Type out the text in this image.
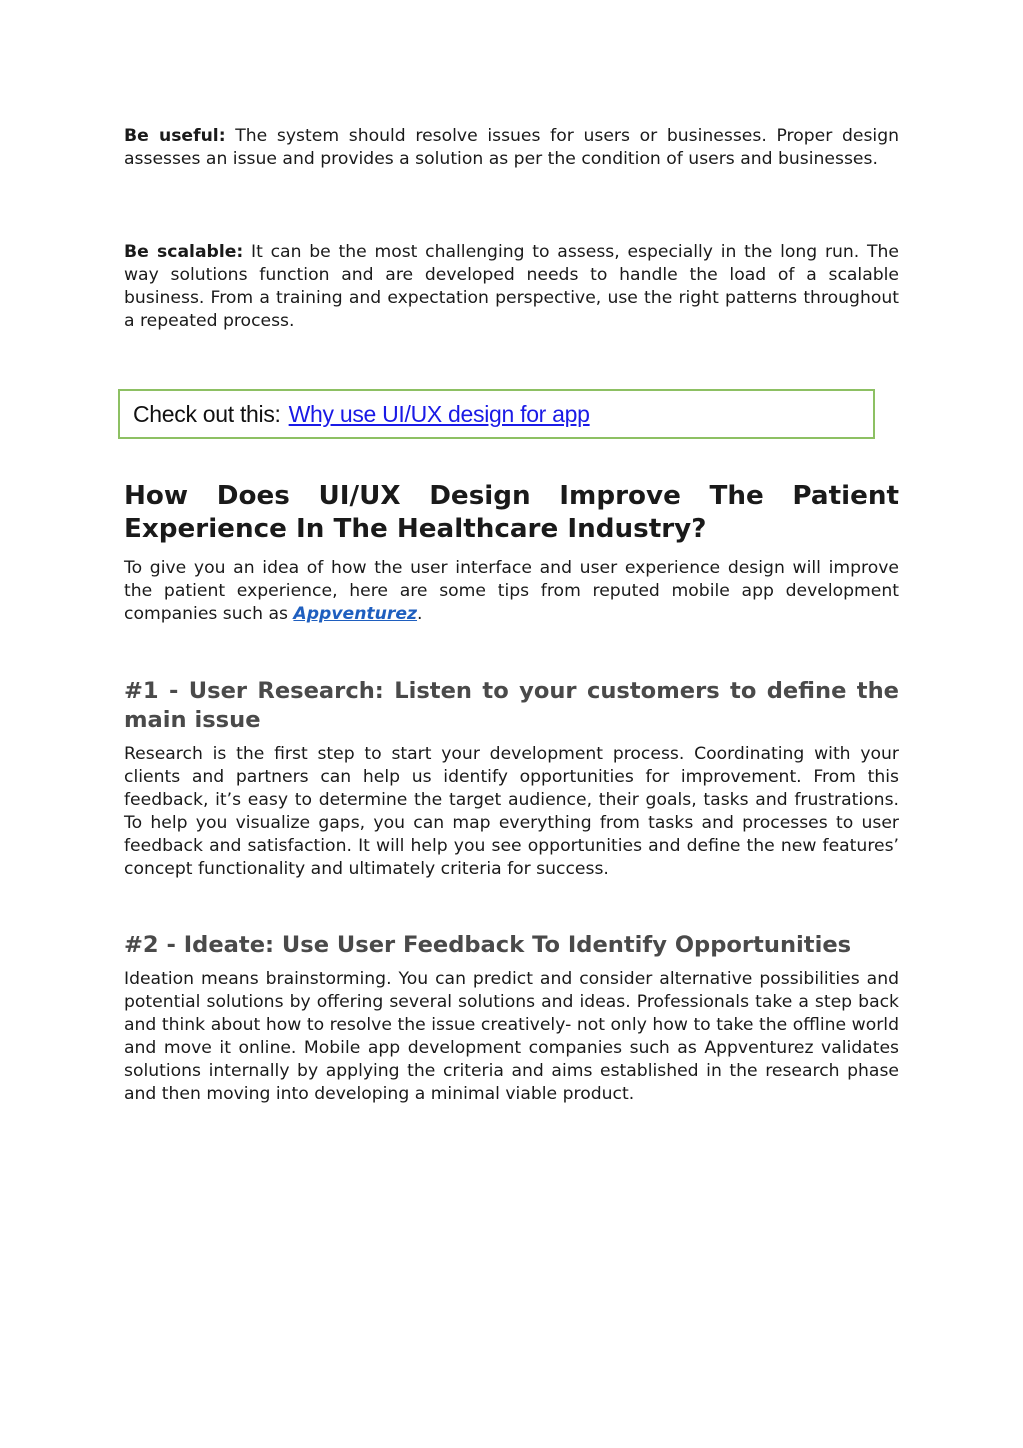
Be useful: The system should resolve issues for users or businesses. Proper design assesses an issue and provides a solution as per the condition of users and businesses.

Be scalable: It can be the most challenging to assess, especially in the long run. The way solutions function and are developed needs to handle the load of a scalable business. From a training and expectation perspective, use the right patterns throughout a repeated process.

Check out this: Why use UI/UX design for app
How Does UI/UX Design Improve The Patient Experience In The Healthcare Industry?

To give you an idea of how the user interface and user experience design will improve the patient experience, here are some tips from reputed mobile app development companies such as Appventurez.

#1 - User Research: Listen to your customers to define the main issue

Research is the first step to start your development process. Coordinating with your clients and partners can help us identify opportunities for improvement. From this feedback, it’s easy to determine the target audience, their goals, tasks and frustrations. To help you visualize gaps, you can map everything from tasks and processes to user feedback and satisfaction. It will help you see opportunities and define the new features’ concept functionality and ultimately criteria for success.

#2 - Ideate: Use User Feedback To Identify Opportunities

Ideation means brainstorming. You can predict and consider alternative possibilities and potential solutions by offering several solutions and ideas. Professionals take a step back and think about how to resolve the issue creatively- not only how to take the offline world and move it online. Mobile app development companies such as Appventurez validates solutions internally by applying the criteria and aims established in the research phase and then moving into developing a minimal viable product.
